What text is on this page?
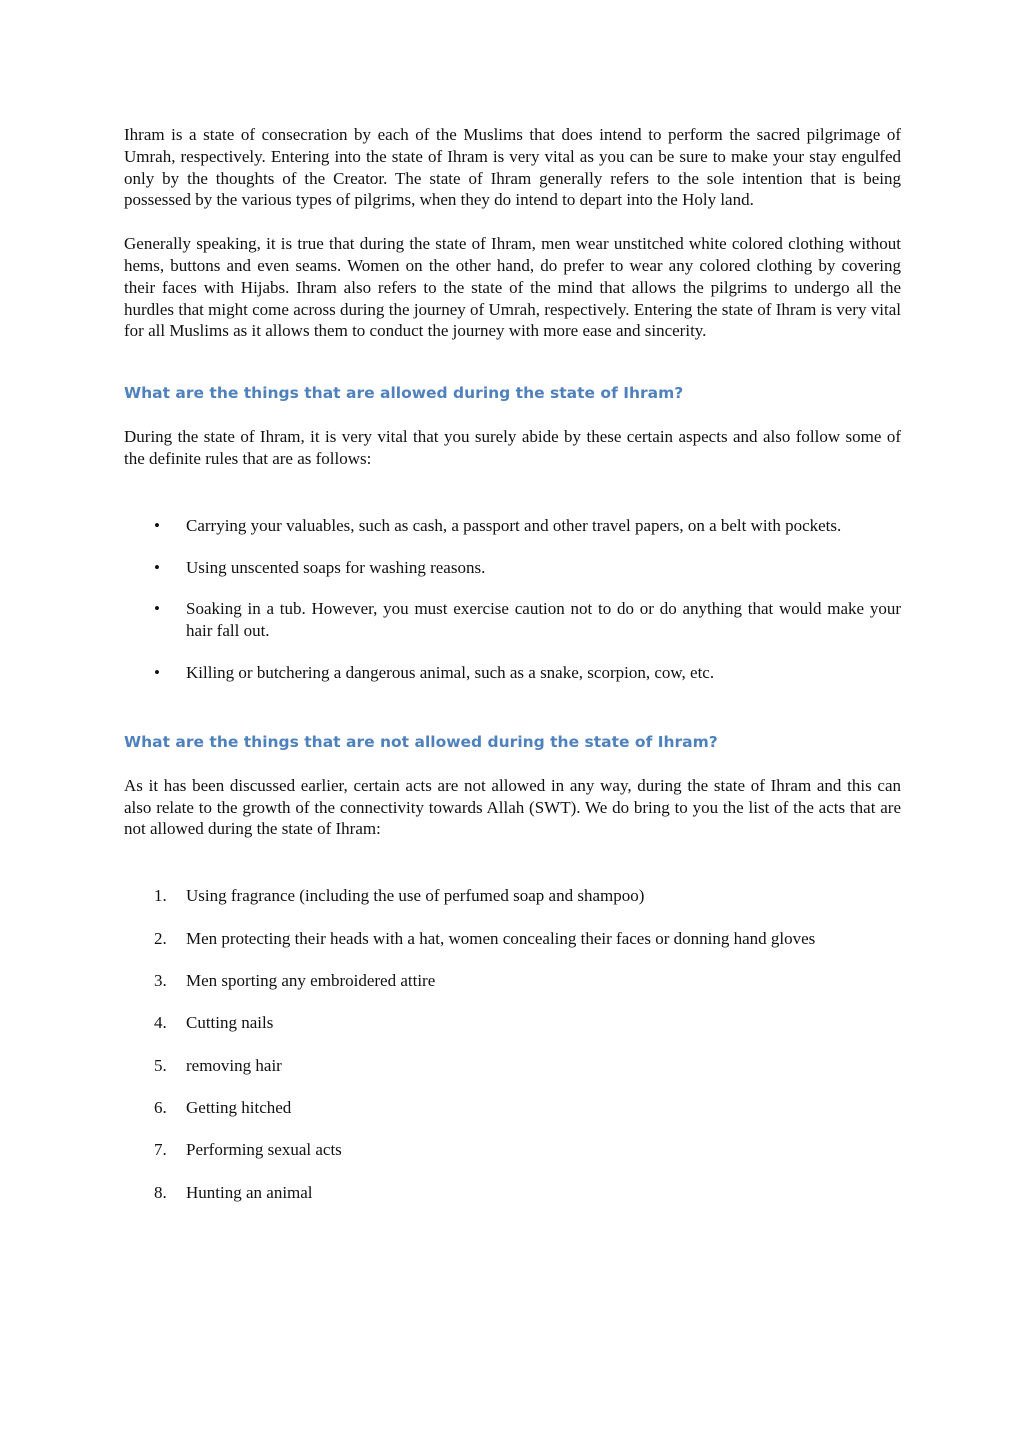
Ihram is a state of consecration by each of the Muslims that does intend to perform the sacred pilgrimage of Umrah, respectively. Entering into the state of Ihram is very vital as you can be sure to make your stay engulfed only by the thoughts of the Creator. The state of Ihram generally refers to the sole intention that is being possessed by the various types of pilgrims, when they do intend to depart into the Holy land.

Generally speaking, it is true that during the state of Ihram, men wear unstitched white colored clothing without hems, buttons and even seams. Women on the other hand, do prefer to wear any colored clothing by covering their faces with Hijabs. Ihram also refers to the state of the mind that allows the pilgrims to undergo all the hurdles that might come across during the journey of Umrah, respectively. Entering the state of Ihram is very vital for all Muslims as it allows them to conduct the journey with more ease and sincerity.

What are the things that are allowed during the state of Ihram?

During the state of Ihram, it is very vital that you surely abide by these certain aspects and also follow some of the definite rules that are as follows:

• Carrying your valuables, such as cash, a passport and other travel papers, on a belt with pockets.
• Using unscented soaps for washing reasons.
• Soaking in a tub. However, you must exercise caution not to do or do anything that would make your hair fall out.
• Killing or butchering a dangerous animal, such as a snake, scorpion, cow, etc.
What are the things that are not allowed during the state of Ihram?

As it has been discussed earlier, certain acts are not allowed in any way, during the state of Ihram and this can also relate to the growth of the connectivity towards Allah (SWT). We do bring to you the list of the acts that are not allowed during the state of Ihram:

1. Using fragrance (including the use of perfumed soap and shampoo)
2. Men protecting their heads with a hat, women concealing their faces or donning hand gloves
3. Men sporting any embroidered attire
4. Cutting nails
5. removing hair
6. Getting hitched
7. Performing sexual acts
8. Hunting an animal
